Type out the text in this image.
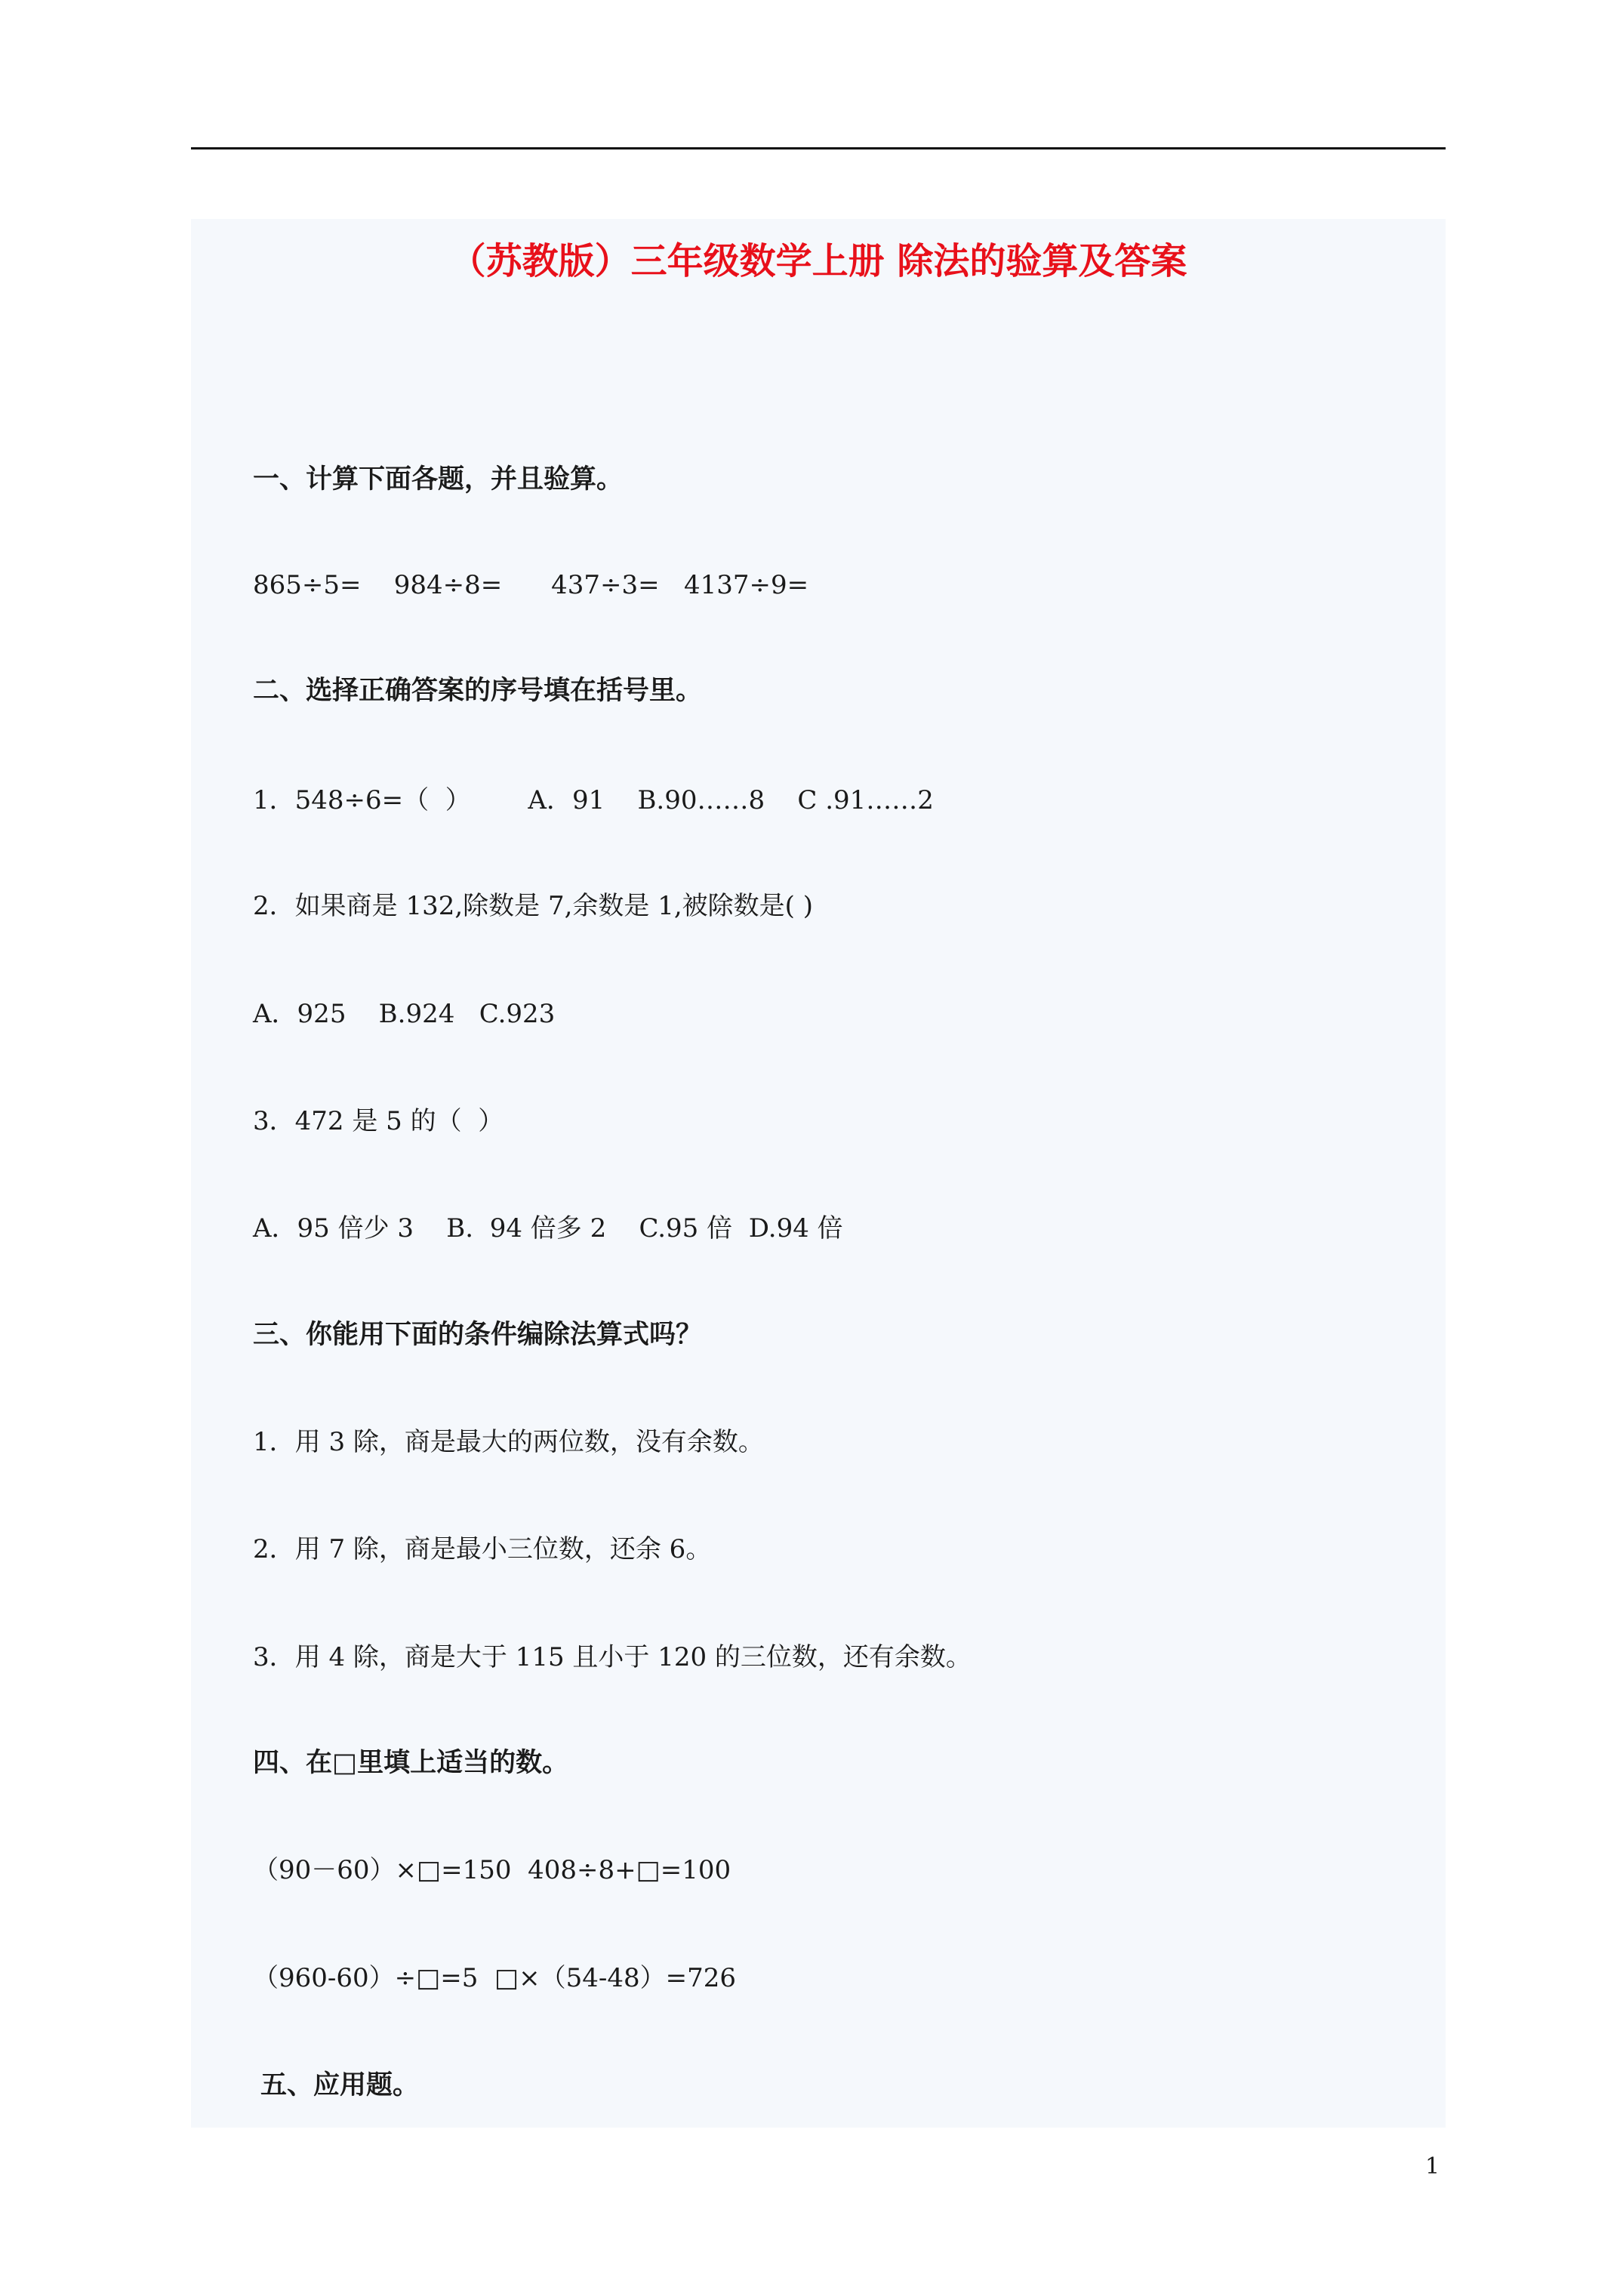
（苏教版）三年级数学上册 除法的验算及答案

一、计算下面各题，并且验算。

865÷5=    984÷8=      437÷3=   4137÷9=

二、选择正确答案的序号填在括号里。

1．548÷6=（  ）       A．91    B.90……8    C .91……2

2．如果商是 132,除数是 7,余数是 1,被除数是( )

A．925    B.924   C.923

3．472 是 5 的（  ）

A．95 倍少 3    B.  94 倍多 2    C.95 倍  D.94 倍

三、你能用下面的条件编除法算式吗？

1．用 3 除，商是最大的两位数，没有余数。

2．用 7 除，商是最小三位数，还余 6。

3．用 4 除，商是大于 115 且小于 120 的三位数，还有余数。

四、在□里填上适当的数。

（90－60）×□=150  408÷8+□=100

（960-60）÷□=5  □×（54-48）=726

五、应用题。

1
